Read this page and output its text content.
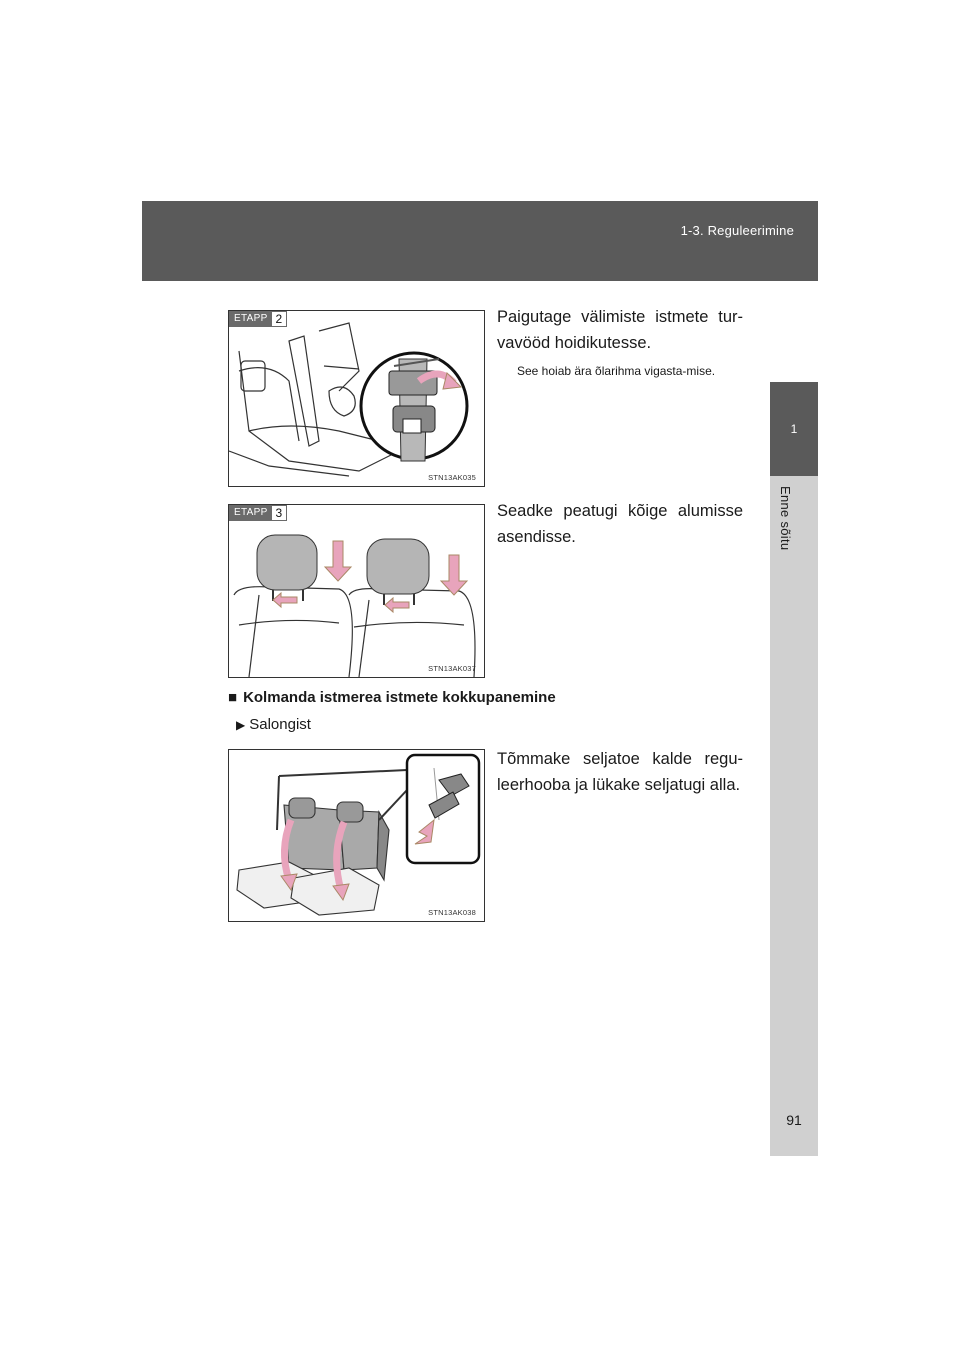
1-3. Reguleerimine
1
Enne sõitu
ETAPP 2
STN13AK035
Paigutage välimiste istmete tur-vavööd hoidikutesse.
See hoiab ära õlarihma vigasta-mise.
ETAPP 3
STN13AK037
Seadke peatugi kõige alumisse asendisse.
■ Kolmanda istmerea istmete kokkupanemine
▶ Salongist
STN13AK038
Tõmmake seljatoe kalde regu-leerhooba ja lükake seljatugi alla.
91
